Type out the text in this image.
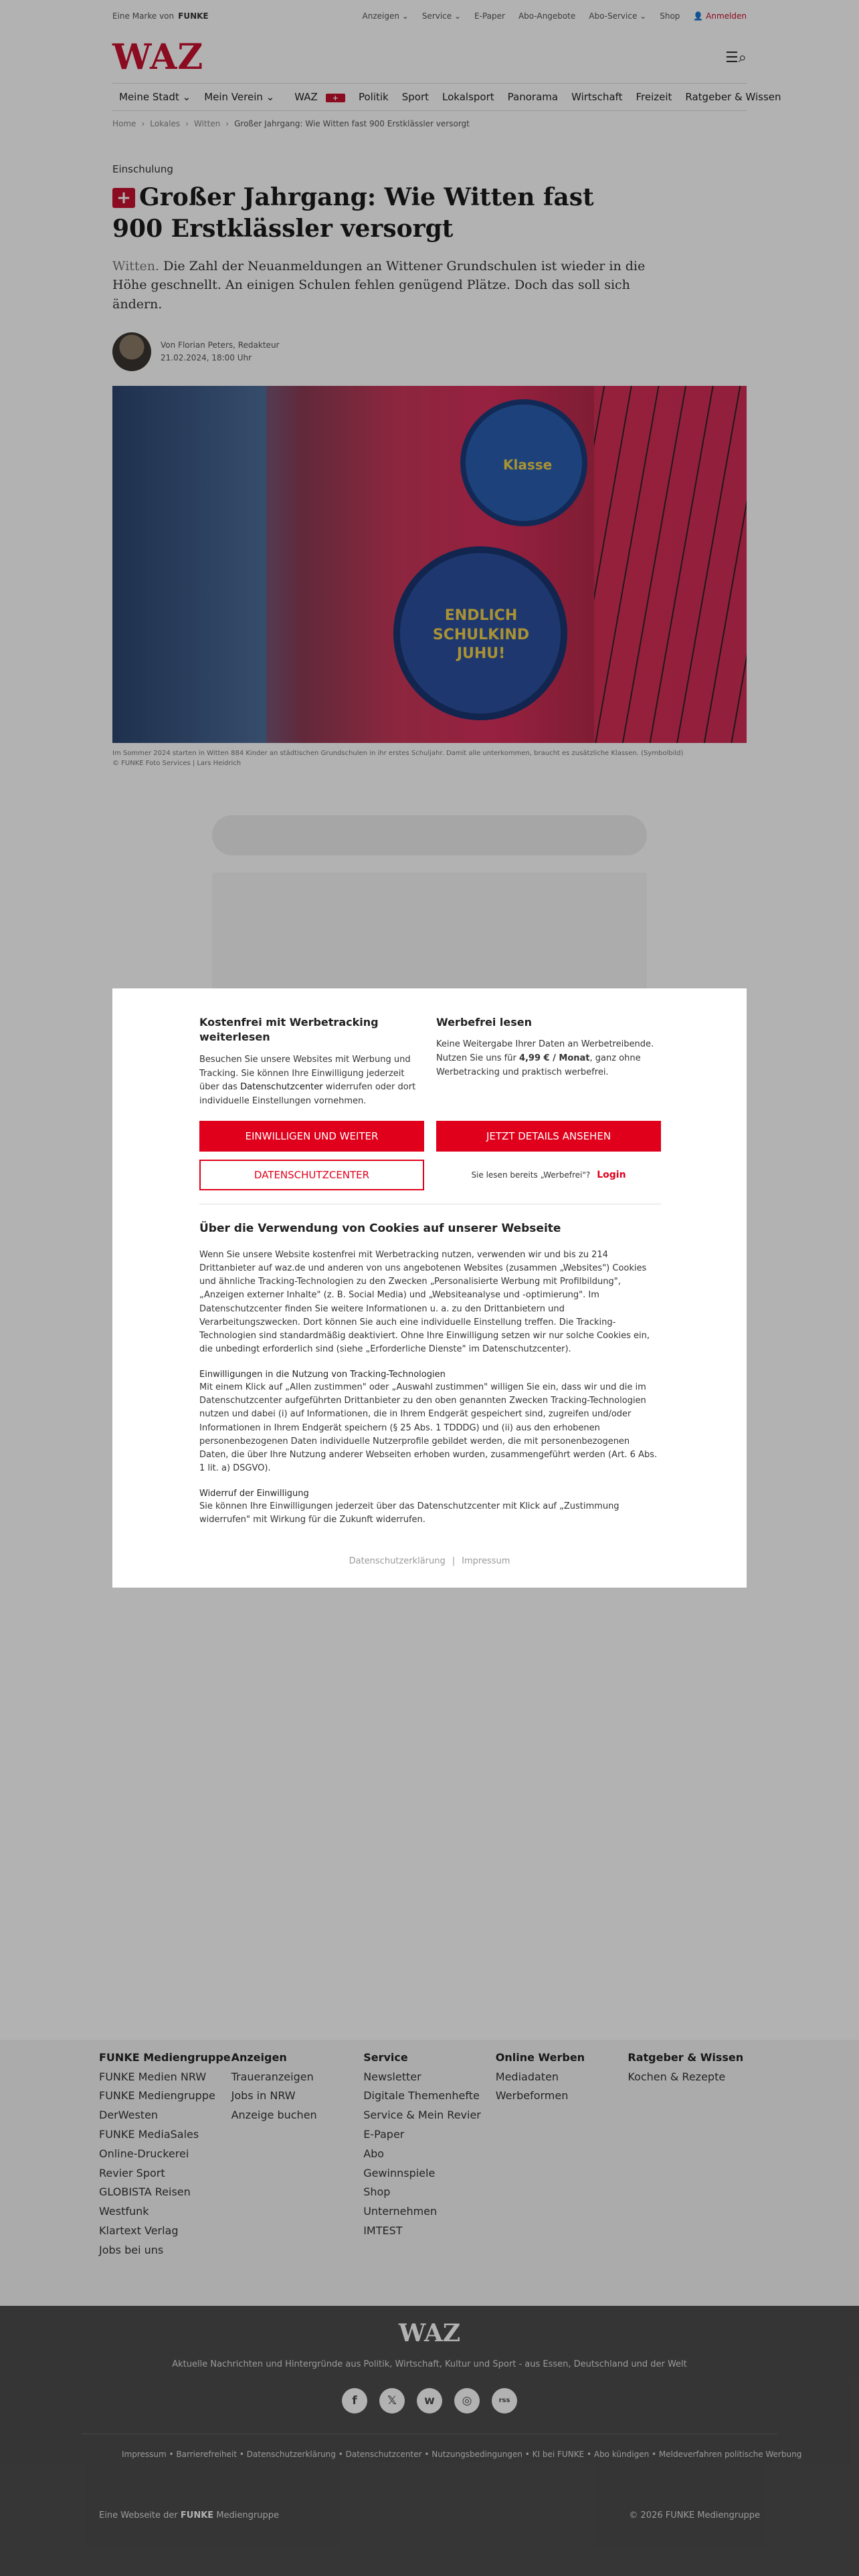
Eine Marke von FUNKE	Anzeigen ⌄ Service ⌄ E-Paper Abo-Angebote Abo-Service ⌄ Shop 👤 Anmelden
WAZ	☰⌕
Meine Stadt ⌄	Mein Verein ⌄	WAZ +	Politik	Sport	Lokalsport	Panorama	Wirtschaft	Freizeit	Ratgeber & Wissen
Home › Lokales › Witten › Großer Jahrgang: Wie Witten fast 900 Erstklässler versorgt
Einschulung
+ Großer Jahrgang: Wie Witten fast 900 Erstklässler versorgt

Witten. Die Zahl der Neuanmeldungen an Wittener Grundschulen ist wieder in die Höhe geschnellt. An einigen Schulen fehlen genügend Plätze. Doch das soll sich ändern.

Von Florian Peters, Redakteur
21.02.2024, 18:00 Uhr
Klasse
ENDLICH SCHULKIND JUHU!
Im Sommer 2024 starten in Witten 884 Kinder an städtischen Grundschulen in ihr erstes Schuljahr. Damit alle unterkommen, braucht es zusätzliche Klassen. (Symbolbild)
© FUNKE Foto Services | Lars Heidrich
FUNKE Mediengruppe
FUNKE Medien NRW
FUNKE Mediengruppe
DerWesten
FUNKE MediaSales
Online-Druckerei
Revier Sport
GLOBISTA Reisen
Westfunk
Klartext Verlag
Jobs bei uns
Anzeigen
Traueranzeigen
Jobs in NRW
Anzeige buchen
Service
Newsletter
Digitale Themenhefte
Service & Mein Revier
E-Paper
Abo
Gewinnspiele
Shop
Unternehmen
IMTEST
Online Werben
Mediadaten
Werbeformen
Ratgeber & Wissen
Kochen & Rezepte
WAZ
Aktuelle Nachrichten und Hintergründe aus Politik, Wirtschaft, Kultur und Sport - aus Essen, Deutschland und der Welt
f	𝕏	w	◎	rss
Impressum • Barrierefreiheit • Datenschutzerklärung • Datenschutzcenter • Nutzungsbedingungen • KI bei FUNKE • Abo kündigen • Meldeverfahren politische Werbung
Eine Webseite der FUNKE Mediengruppe	© 2026 FUNKE Mediengruppe
Kostenfrei mit Werbetracking weiterlesen

Besuchen Sie unsere Websites mit Werbung und Tracking. Sie können Ihre Einwilligung jederzeit über das Datenschutzcenter widerrufen oder dort individuelle Einstellungen vornehmen.

Werbefrei lesen

Keine Weitergabe Ihrer Daten an Werbetreibende. Nutzen Sie uns für 4,99 € / Monat, ganz ohne Werbetracking und praktisch werbefrei.

EINWILLIGEN UND WEITER	JETZT DETAILS ANSEHEN
DATENSCHUTZCENTER	Sie lesen bereits „Werbefrei"? Login
Über die Verwendung von Cookies auf unserer Webseite

Wenn Sie unsere Website kostenfrei mit Werbetracking nutzen, verwenden wir und bis zu 214 Drittanbieter auf waz.de und anderen von uns angebotenen Websites (zusammen „Websites") Cookies und ähnliche Tracking-Technologien zu den Zwecken „Personalisierte Werbung mit Profilbildung", „Anzeigen externer Inhalte" (z. B. Social Media) und „Websiteanalyse und -optimierung". Im Datenschutzcenter finden Sie weitere Informationen u. a. zu den Drittanbietern und Verarbeitungszwecken. Dort können Sie auch eine individuelle Einstellung treffen. Die Tracking-Technologien sind standardmäßig deaktiviert. Ohne Ihre Einwilligung setzen wir nur solche Cookies ein, die unbedingt erforderlich sind (siehe „Erforderliche Dienste" im Datenschutzcenter).

Einwilligungen in die Nutzung von Tracking-Technologien

Mit einem Klick auf „Allen zustimmen" oder „Auswahl zustimmen" willigen Sie ein, dass wir und die im Datenschutzcenter aufgeführten Drittanbieter zu den oben genannten Zwecken Tracking-Technologien nutzen und dabei (i) auf Informationen, die in Ihrem Endgerät gespeichert sind, zugreifen und/oder Informationen in Ihrem Endgerät speichern (§ 25 Abs. 1 TDDDG) und (ii) aus den erhobenen personenbezogenen Daten individuelle Nutzerprofile gebildet werden, die mit personenbezogenen Daten, die über Ihre Nutzung anderer Webseiten erhoben wurden, zusammengeführt werden (Art. 6 Abs. 1 lit. a) DSGVO).

Widerruf der Einwilligung

Sie können Ihre Einwilligungen jederzeit über das Datenschutzcenter mit Klick auf „Zustimmung widerrufen" mit Wirkung für die Zukunft widerrufen.

Datenschutzerklärung | Impressum
